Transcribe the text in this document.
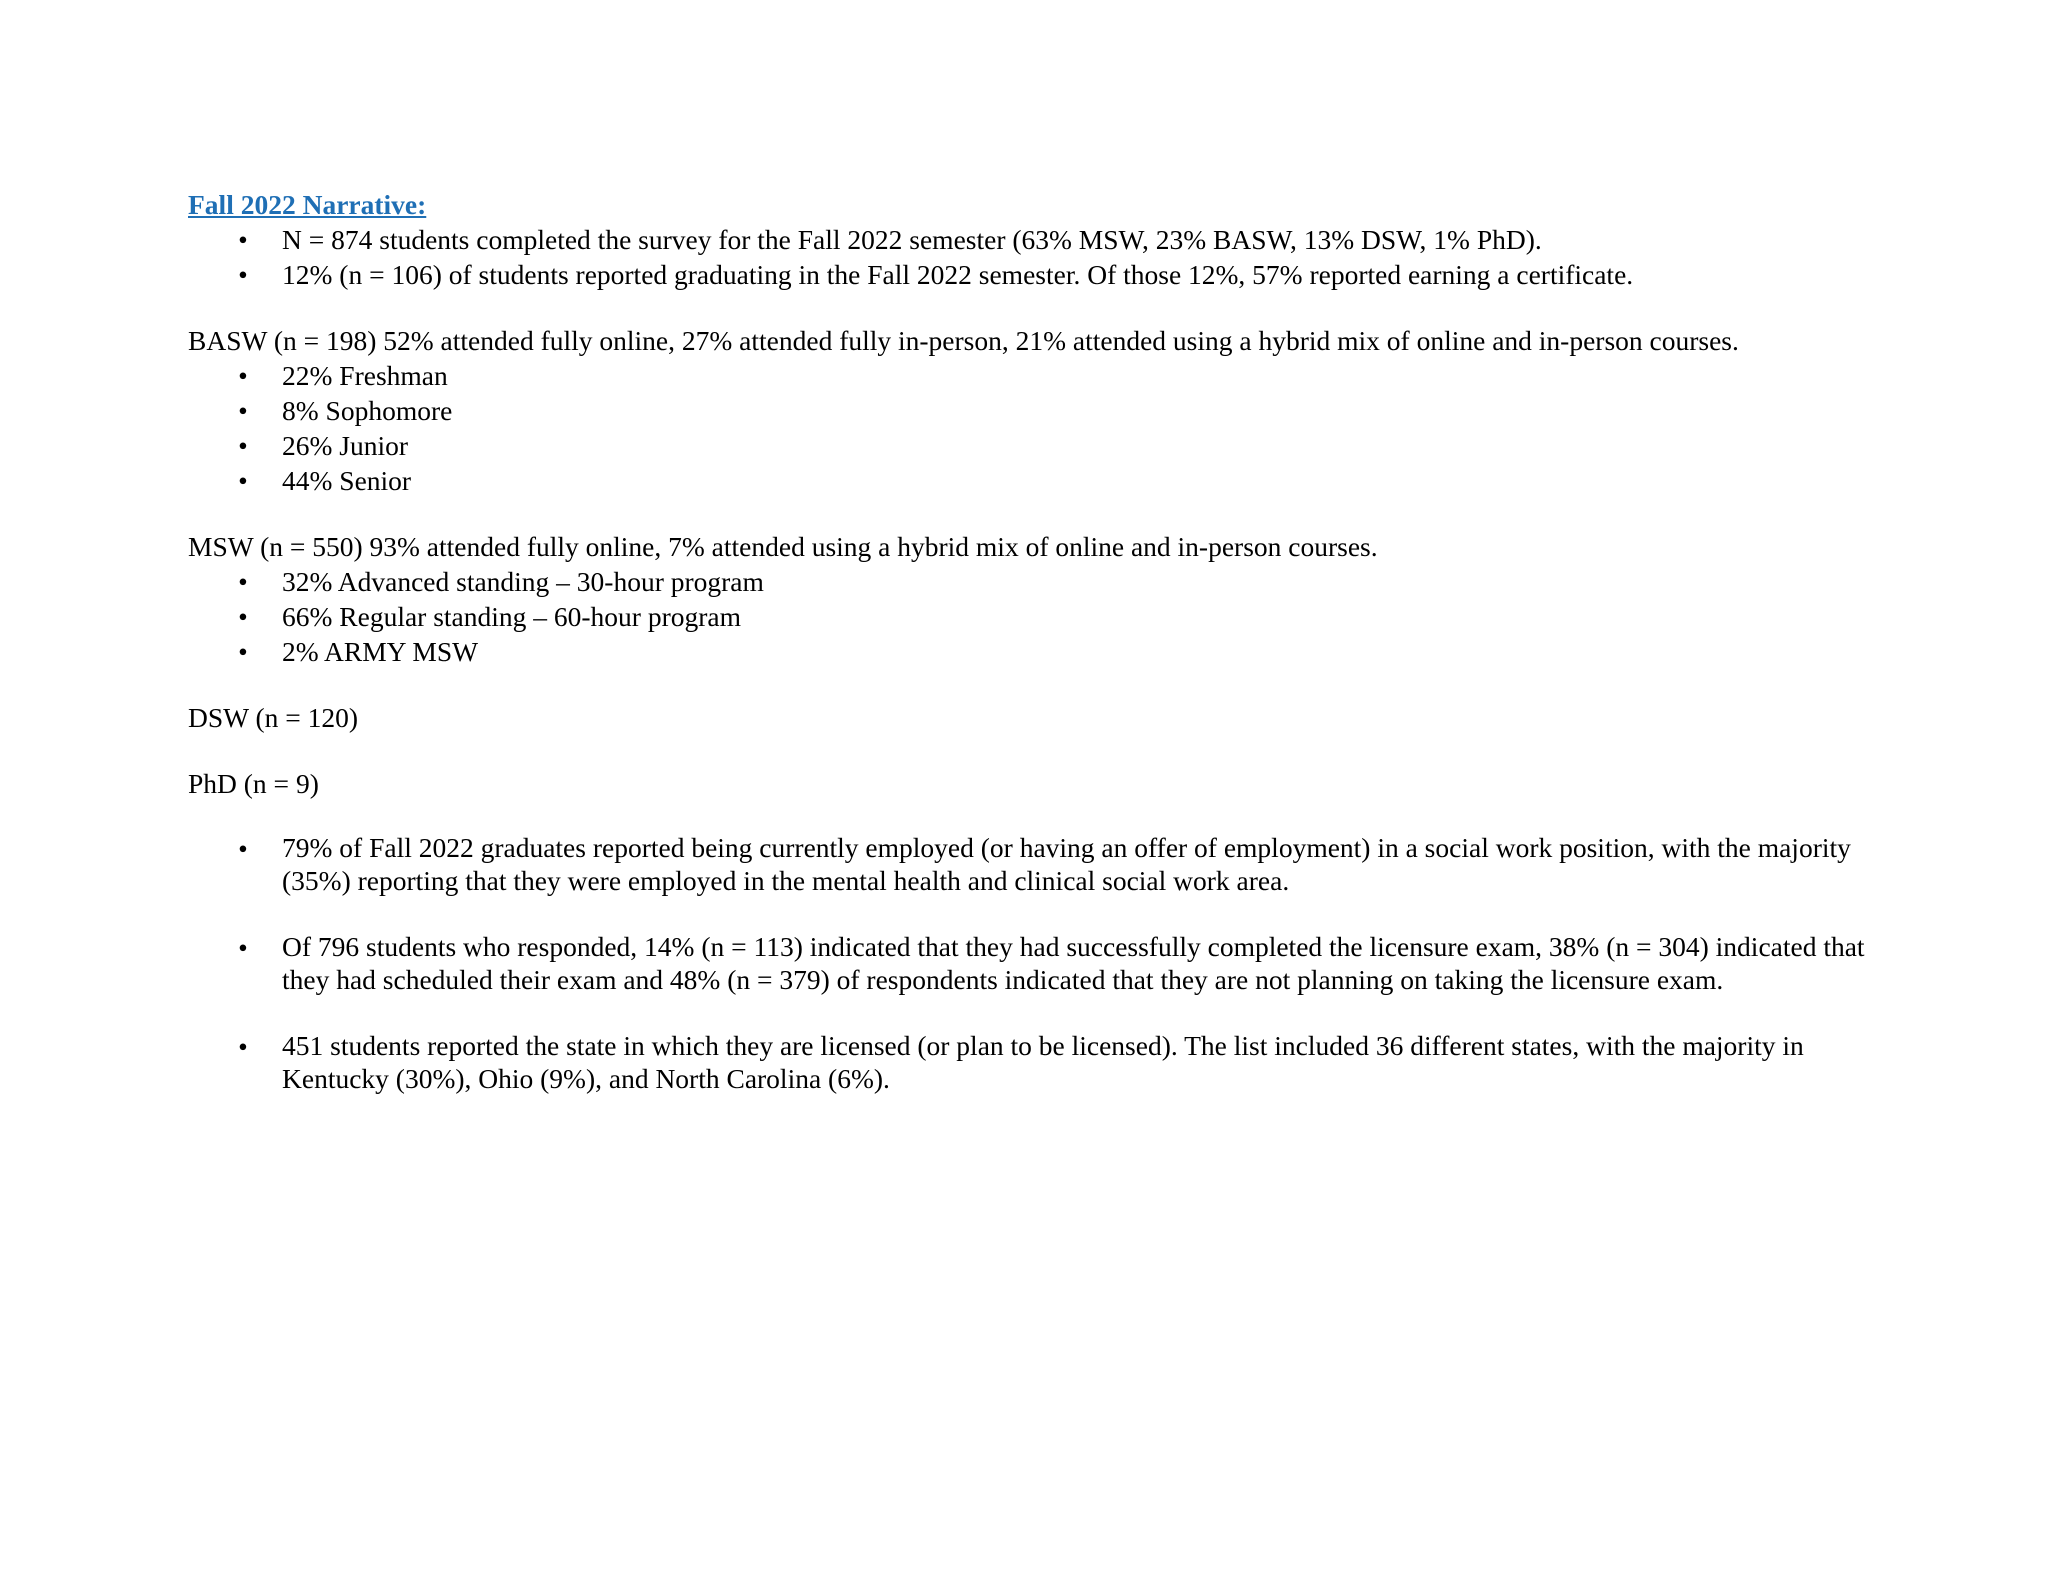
Fall 2022 Narrative:

• N = 874 students completed the survey for the Fall 2022 semester (63% MSW, 23% BASW, 13% DSW, 1% PhD).
• 12% (n = 106) of students reported graduating in the Fall 2022 semester. Of those 12%, 57% reported earning a certificate.

BASW (n = 198) 52% attended fully online, 27% attended fully in-person, 21% attended using a hybrid mix of online and in-person courses.

• 22% Freshman
• 8% Sophomore
• 26% Junior
• 44% Senior

MSW (n = 550) 93% attended fully online, 7% attended using a hybrid mix of online and in-person courses.

• 32% Advanced standing – 30-hour program
• 66% Regular standing – 60-hour program
• 2% ARMY MSW

DSW (n = 120)

PhD (n = 9)

• 79% of Fall 2022 graduates reported being currently employed (or having an offer of employment) in a social work position, with the majority (35%) reporting that they were employed in the mental health and clinical social work area.
• Of 796 students who responded, 14% (n = 113) indicated that they had successfully completed the licensure exam, 38% (n = 304) indicated that they had scheduled their exam and 48% (n = 379) of respondents indicated that they are not planning on taking the licensure exam.
• 451 students reported the state in which they are licensed (or plan to be licensed). The list included 36 different states, with the majority in Kentucky (30%), Ohio (9%), and North Carolina (6%).
